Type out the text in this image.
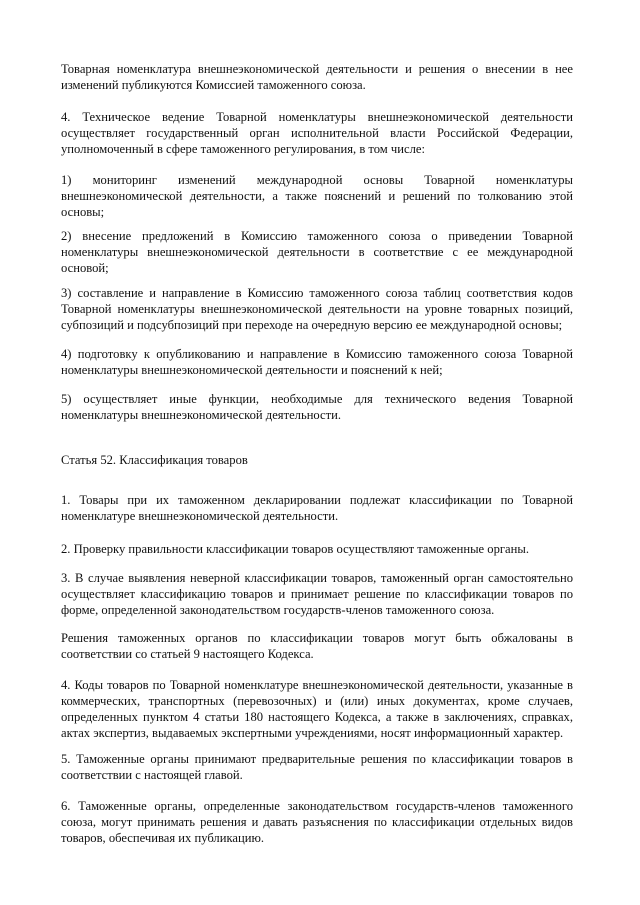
Товарная номенклатура внешнеэкономической деятельности и решения о внесении в нее изменений публикуются Комиссией таможенного союза.

4. Техническое ведение Товарной номенклатуры внешнеэкономической деятельности осуществляет государственный орган исполнительной власти Российской Федерации, уполномоченный в сфере таможенного регулирования, в том числе:

1) мониторинг изменений международной основы Товарной номенклатуры внешнеэкономической деятельности, а также пояснений и решений по толкованию этой основы;

2) внесение предложений в Комиссию таможенного союза о приведении Товарной номенклатуры внешнеэкономической деятельности в соответствие с ее международной основой;

3) составление и направление в Комиссию таможенного союза таблиц соответствия кодов Товарной номенклатуры внешнеэкономической деятельности на уровне товарных позиций, субпозиций и подсубпозиций при переходе на очередную версию ее международной основы;

4) подготовку к опубликованию и направление в Комиссию таможенного союза Товарной номенклатуры внешнеэкономической деятельности и пояснений к ней;

5) осуществляет иные функции, необходимые для технического ведения Товарной номенклатуры внешнеэкономической деятельности.

Статья 52. Классификация товаров

1. Товары при их таможенном декларировании подлежат классификации по Товарной номенклатуре внешнеэкономической деятельности.

2. Проверку правильности классификации товаров осуществляют таможенные органы.

3. В случае выявления неверной классификации товаров, таможенный орган самостоятельно осуществляет классификацию товаров и принимает решение по классификации товаров по форме, определенной законодательством государств-членов таможенного союза.

Решения таможенных органов по классификации товаров могут быть обжалованы в соответствии со статьей 9 настоящего Кодекса.

4. Коды товаров по Товарной номенклатуре внешнеэкономической деятельности, указанные в коммерческих, транспортных (перевозочных) и (или) иных документах, кроме случаев, определенных пунктом 4 статьи 180 настоящего Кодекса, а также в заключениях, справках, актах экспертиз, выдаваемых экспертными учреждениями, носят информационный характер.

5. Таможенные органы принимают предварительные решения по классификации товаров в соответствии с настоящей главой.

6. Таможенные органы, определенные законодательством государств-членов таможенного союза, могут принимать решения и давать разъяснения по классификации отдельных видов товаров, обеспечивая их публикацию.
